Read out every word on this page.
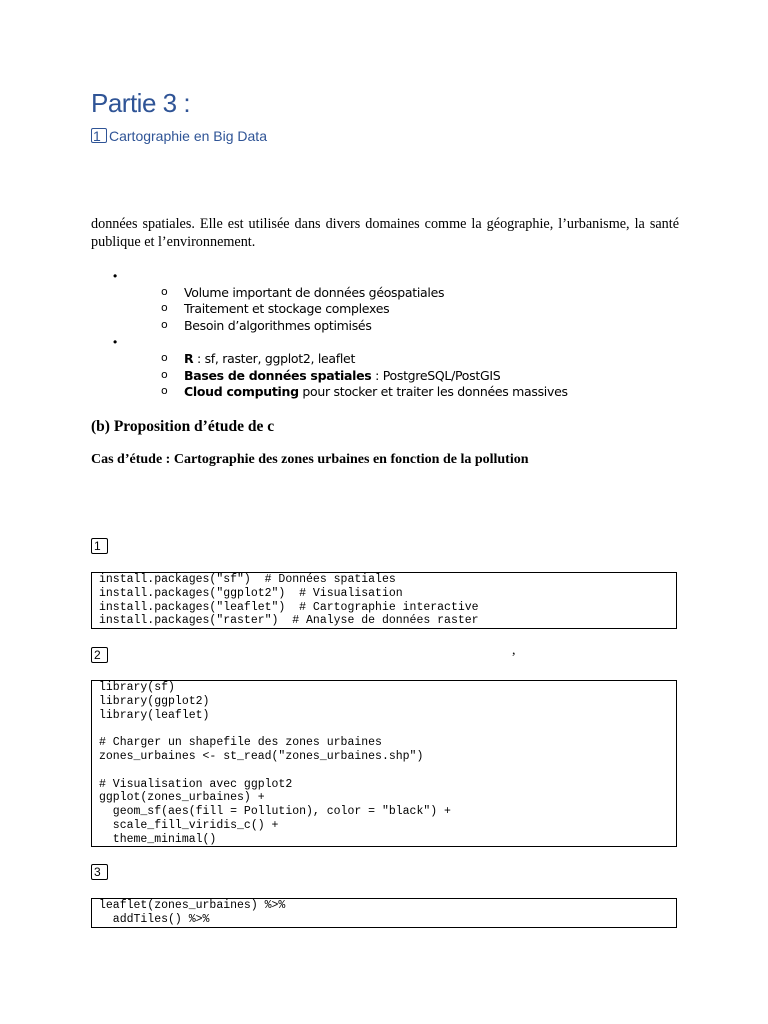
Partie 3 :
1 Cartographie en Big Data
données spatiales. Elle est utilisée dans divers domaines comme la géographie, l’urbanisme, la santé publique et l’environnement.
•
o Volume important de données géospatiales
o Traitement et stockage complexes
o Besoin d’algorithmes optimisés
•
o R : sf, raster, ggplot2, leaflet
o Bases de données spatiales : PostgreSQL/PostGIS
o Cloud computing pour stocker et traiter les données massives
(b) Proposition d’étude de c
Cas d’étude : Cartographie des zones urbaines en fonction de la pollution
1
install.packages("sf")  # Données spatiales
install.packages("ggplot2")  # Visualisation
install.packages("leaflet")  # Cartographie interactive
install.packages("raster")  # Analyse de données raster
2	,
library(sf)
library(ggplot2)
library(leaflet)

# Charger un shapefile des zones urbaines
zones_urbaines <- st_read("zones_urbaines.shp")

# Visualisation avec ggplot2
ggplot(zones_urbaines) +
geom_sf(aes(fill = Pollution), color = "black") +
scale_fill_viridis_c() +
theme_minimal()
3
leaflet(zones_urbaines) %>%
addTiles() %>%
